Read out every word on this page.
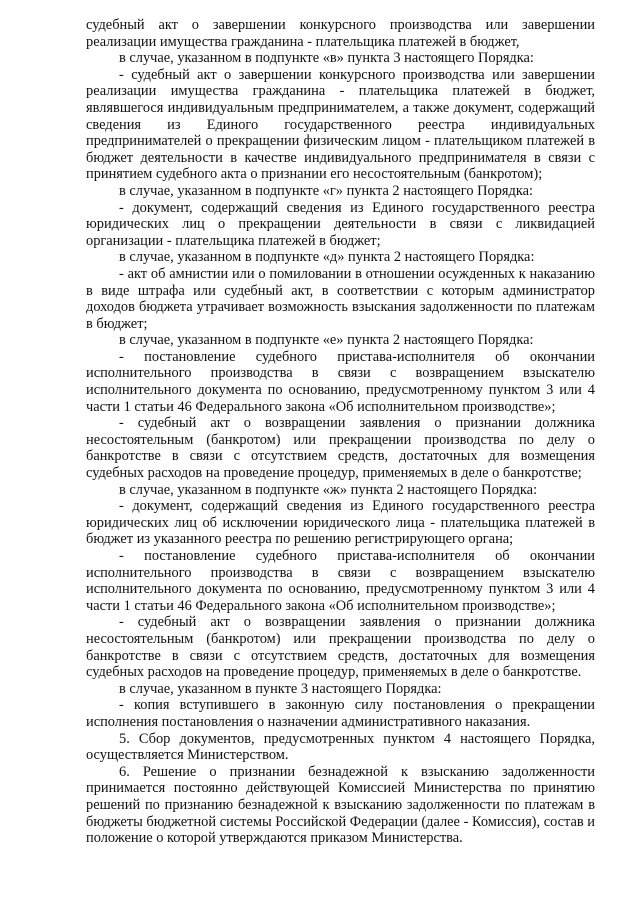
судебный акт о завершении конкурсного производства или завершении реализации имущества гражданина - плательщика платежей в бюджет,

в случае, указанном в подпункте «в» пункта 3 настоящего Порядка:

- судебный акт о завершении конкурсного производства или завершении реализации имущества гражданина - плательщика платежей в бюджет, являвшегося индивидуальным предпринимателем, а также документ, содержащий сведения из Единого государственного реестра индивидуальных предпринимателей о прекращении физическим лицом - плательщиком платежей в бюджет деятельности в качестве индивидуального предпринимателя в связи с принятием судебного акта о признании его несостоятельным (банкротом);

в случае, указанном в подпункте «г» пункта 2 настоящего Порядка:

- документ, содержащий сведения из Единого государственного реестра юридических лиц о прекращении деятельности в связи с ликвидацией организации - плательщика платежей в бюджет;

в случае, указанном в подпункте «д» пункта 2 настоящего Порядка:

- акт об амнистии или о помиловании в отношении осужденных к наказанию в виде штрафа или судебный акт, в соответствии с которым администратор доходов бюджета утрачивает возможность взыскания задолженности по платежам в бюджет;

в случае, указанном в подпункте «е» пункта 2 настоящего Порядка:

- постановление судебного пристава-исполнителя об окончании исполнительного производства в связи с возвращением взыскателю исполнительного документа по основанию, предусмотренному пунктом 3 или 4 части 1 статьи 46 Федерального закона «Об исполнительном производстве»;

- судебный акт о возвращении заявления о признании должника несостоятельным (банкротом) или прекращении производства по делу о банкротстве в связи с отсутствием средств, достаточных для возмещения судебных расходов на проведение процедур, применяемых в деле о банкротстве;

в случае, указанном в подпункте «ж» пункта 2 настоящего Порядка:

- документ, содержащий сведения из Единого государственного реестра юридических лиц об исключении юридического лица - плательщика платежей в бюджет из указанного реестра по решению регистрирующего органа;

- постановление судебного пристава-исполнителя об окончании исполнительного производства в связи с возвращением взыскателю исполнительного документа по основанию, предусмотренному пунктом 3 или 4 части 1 статьи 46 Федерального закона «Об исполнительном производстве»;

- судебный акт о возвращении заявления о признании должника несостоятельным (банкротом) или прекращении производства по делу о банкротстве в связи с отсутствием средств, достаточных для возмещения судебных расходов на проведение процедур, применяемых в деле о банкротстве.

в случае, указанном в пункте 3 настоящего Порядка:

- копия вступившего в законную силу постановления о прекращении исполнения постановления о назначении административного наказания.

5. Сбор документов, предусмотренных пунктом 4 настоящего Порядка, осуществляется Министерством.

6. Решение о признании безнадежной к взысканию задолженности принимается постоянно действующей Комиссией Министерства по принятию решений по признанию безнадежной к взысканию задолженности по платежам в бюджеты бюджетной системы Российской Федерации (далее - Комиссия), состав и положение о которой утверждаются приказом Министерства.
